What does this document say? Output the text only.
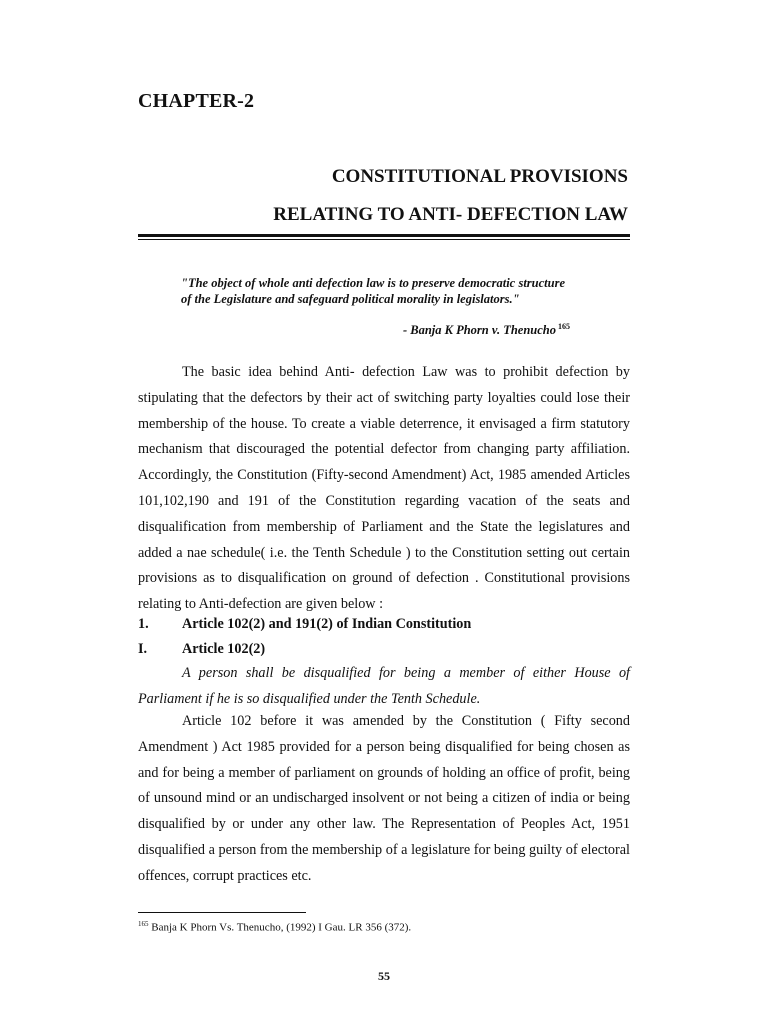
CHAPTER-2
CONSTITUTIONAL PROVISIONS
RELATING TO ANTI- DEFECTION LAW
"The object of whole anti defection law is to preserve democratic structure of the Legislature and safeguard political morality in legislators."
- Banja K Phorn v. Thenucho $^{165}$
The basic idea behind Anti- defection Law was to prohibit defection by stipulating that the defectors by their act of switching party loyalties could lose their membership of the house. To create a viable deterrence, it envisaged a firm statutory mechanism that discouraged the potential defector from changing party affiliation. Accordingly, the Constitution (Fifty-second Amendment) Act, 1985 amended Articles 101,102,190 and 191 of the Constitution regarding vacation of the seats and disqualification from membership of Parliament and the State the legislatures and added a nae schedule( i.e. the Tenth Schedule ) to the Constitution setting out certain provisions as to disqualification on ground of defection . Constitutional provisions relating to Anti-defection are given below :
1. Article 102(2) and 191(2) of Indian Constitution
I. Article 102(2)
A person shall be disqualified for being a member of either House of Parliament if he is so disqualified under the Tenth Schedule.
Article 102 before it was amended by the Constitution ( Fifty second Amendment ) Act 1985 provided for a person being disqualified for being chosen as and for being a member of parliament on grounds of holding an office of profit, being of unsound mind or an undischarged insolvent or not being a citizen of india or being disqualified by or under any other law. The Representation of Peoples Act, 1951 disqualified a person from the membership of a legislature for being guilty of electoral offences, corrupt practices etc.
$^{165}$ Banja K Phorn Vs. Thenucho, (1992) I Gau. LR 356 (372).
55
